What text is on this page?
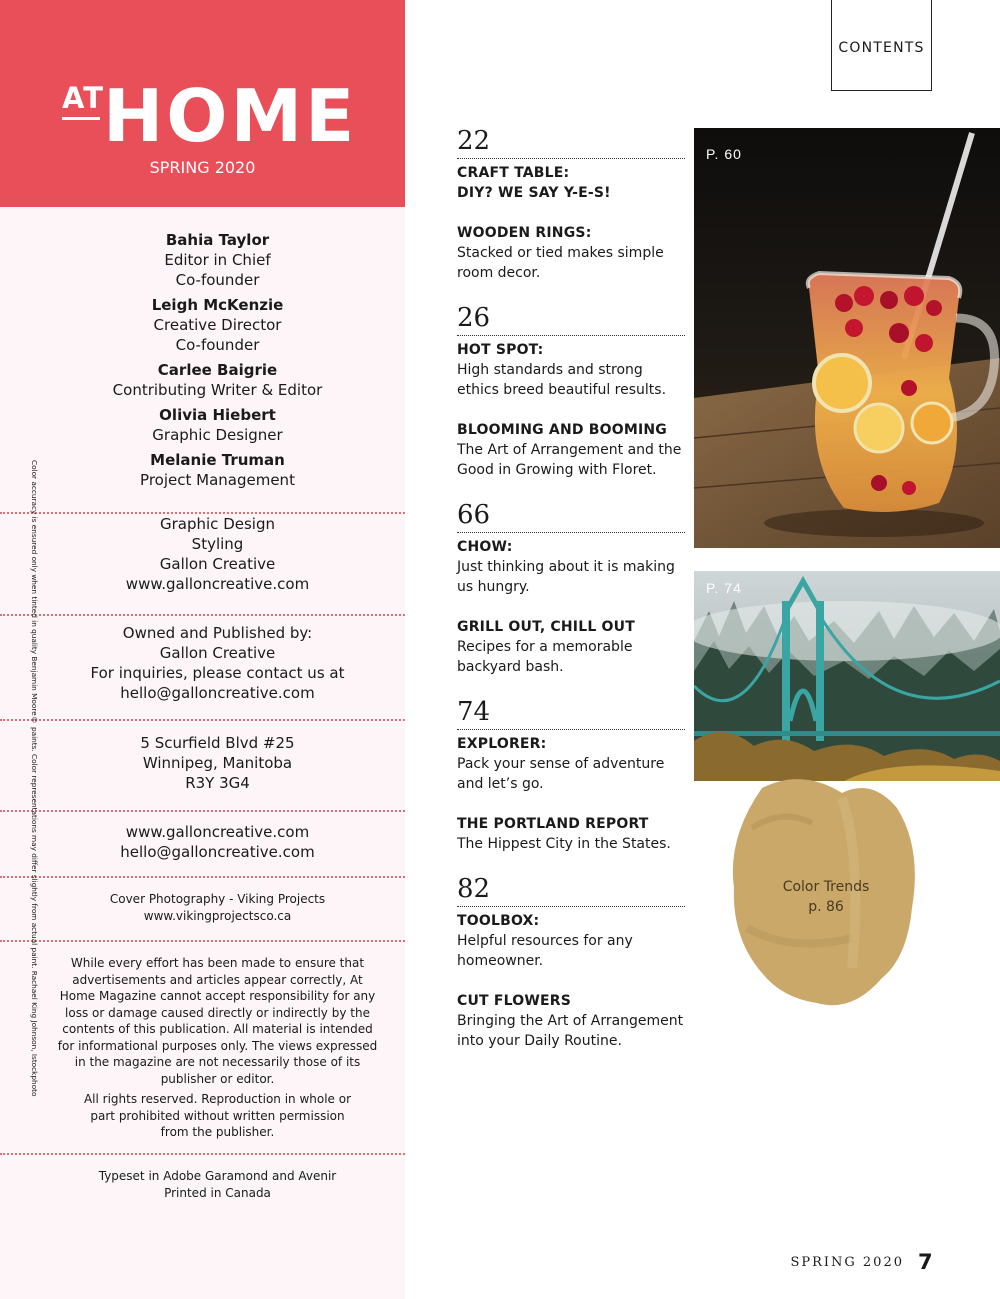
AT HOME
SPRING 2020
Bahia Taylor
Editor in Chief
Co-founder
Leigh McKenzie
Creative Director
Co-founder
Carlee Baigrie
Contributing Writer & Editor
Olivia Hiebert
Graphic Designer
Melanie Truman
Project Management
Graphic Design
Styling
Gallon Creative
www.galloncreative.com
Owned and Published by:
Gallon Creative
For inquiries, please contact us at
hello@galloncreative.com
5 Scurfield Blvd #25
Winnipeg, Manitoba
R3Y 3G4
www.galloncreative.com
hello@galloncreative.com
Cover Photography - Viking Projects
www.vikingprojectsco.ca
While every effort has been made to ensure that advertisements and articles appear correctly, At Home Magazine cannot accept responsibility for any loss or damage caused directly or indirectly by the contents of this publication. All material is intended for informational purposes only. The views expressed in the magazine are not necessarily those of its publisher or editor.
All rights reserved. Reproduction in whole or part prohibited without written permission from the publisher.
Typeset in Adobe Garamond and Avenir
Printed in Canada
Color accuracy is ensured only when tinted in quality Benjamin Moore® paints. Color representations may differ slightly from actual paint. Rachael King Johnson, Istockphoto
CONTENTS
22
CRAFT TABLE:
DIY? WE SAY Y-E-S!
WOODEN RINGS:
Stacked or tied makes simple room decor.
26
HOT SPOT:
High standards and strong ethics breed beautiful results.
BLOOMING AND BOOMING
The Art of Arrangement and the Good in Growing with Floret.
66
CHOW:
Just thinking about it is making us hungry.
GRILL OUT, CHILL OUT
Recipes for a memorable backyard bash.
74
EXPLORER:
Pack your sense of adventure and let’s go.
THE PORTLAND REPORT
The Hippest City in the States.
82
TOOLBOX:
Helpful resources for any homeowner.
CUT FLOWERS
Bringing the Art of Arrangement into your Daily Routine.
P. 60
P. 74
Color Trends
p. 86
SPRING 2020 7
